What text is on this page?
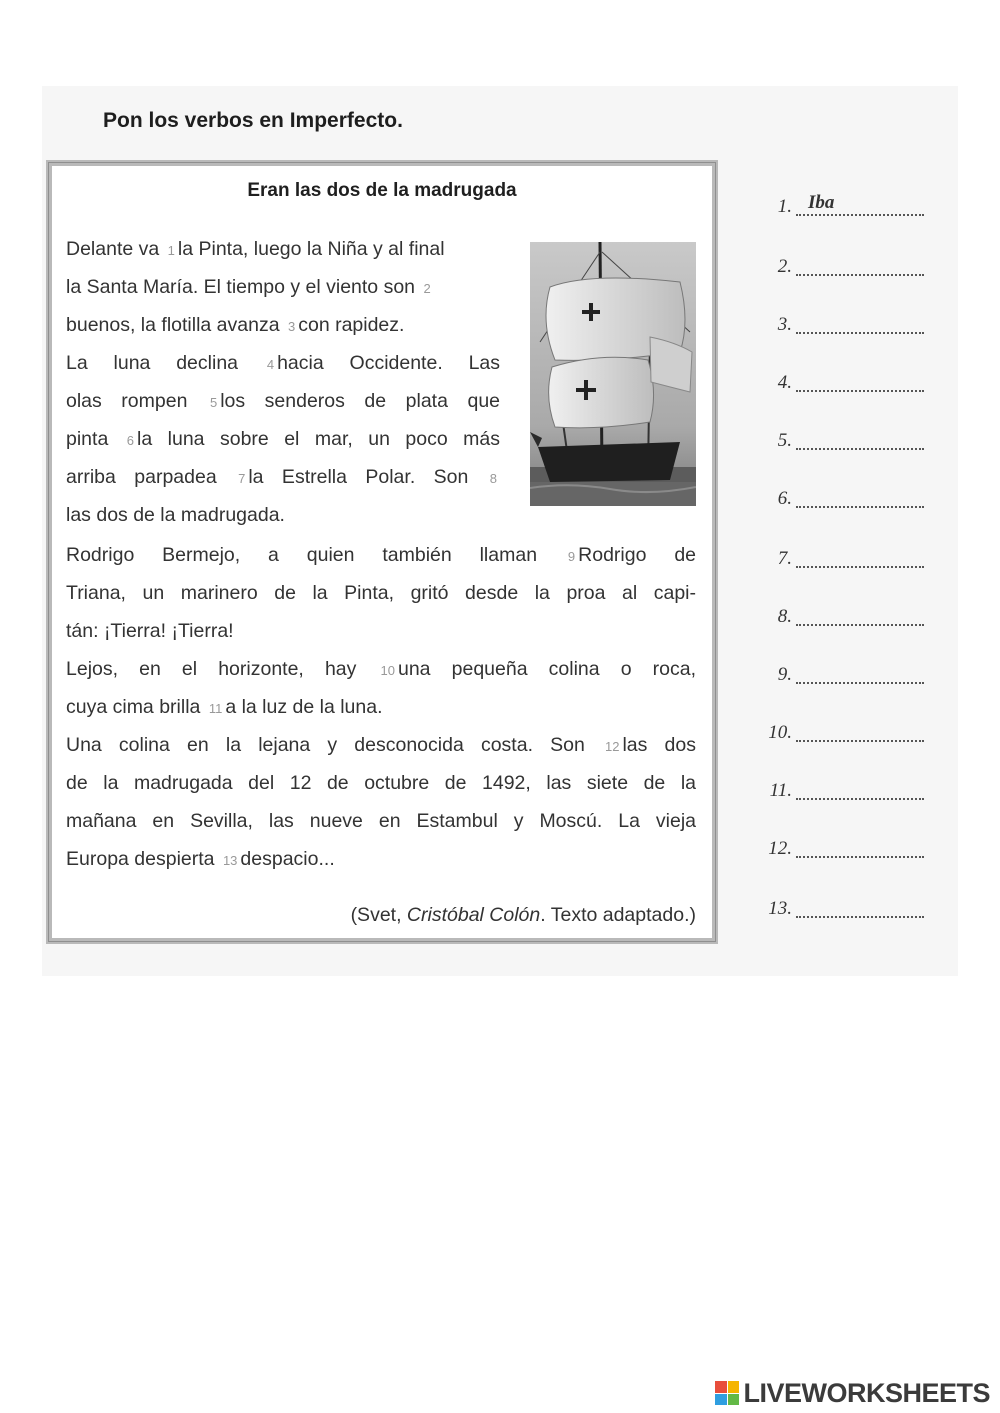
Pon los verbos en Imperfecto.
Eran las dos de la madrugada
Delante va 1 la Pinta, luego la Niña y al final
la Santa María. El tiempo y el viento son 2
buenos, la flotilla avanza 3 con rapidez.
La luna declina 4 hacia Occidente. Las
olas rompen 5 los senderos de plata que
pinta 6 la luna sobre el mar, un poco más
arriba parpadea 7 la Estrella Polar. Son 8
las dos de la madrugada.
Rodrigo Bermejo, a quien también llaman 9 Rodrigo de
Triana, un marinero de la Pinta, gritó desde la proa al capi-
tán: ¡Tierra! ¡Tierra!
Lejos, en el horizonte, hay 10 una pequeña colina o roca,
cuya cima brilla 11 a la luz de la luna.
Una colina en la lejana y desconocida costa. Son 12 las dos
de la madrugada del 12 de octubre de 1492, las siete de la
mañana en Sevilla, las nueve en Estambul y Moscú. La vieja
Europa despierta 13 despacio...
(Svet, Cristóbal Colón. Texto adaptado.)
1. Iba
2.
3.
4.
5.
6.
7.
8.
9.
10.
11.
12.
13.
LIVEWORKSHEETS
